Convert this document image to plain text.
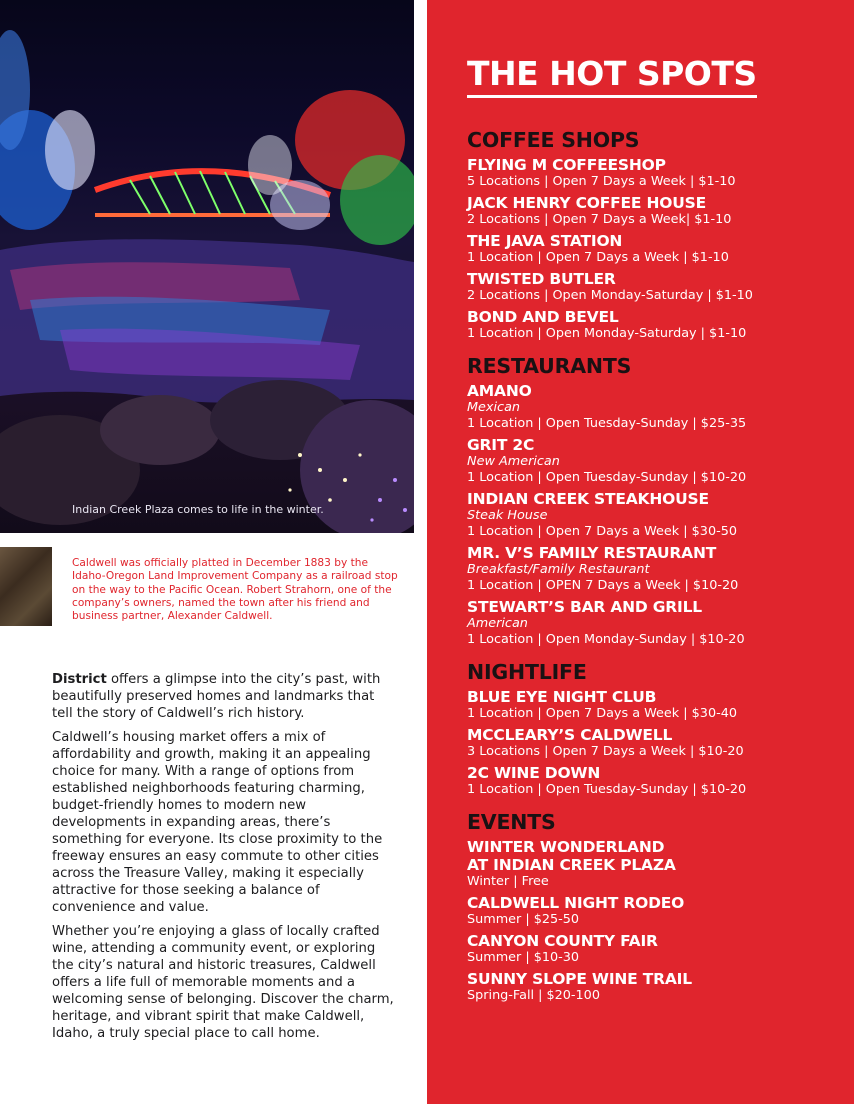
Indian Creek Plaza comes to life in the winter.
Caldwell was officially platted in December 1883 by the Idaho-Oregon Land Improvement Company as a railroad stop on the way to the Pacific Ocean. Robert Strahorn, one of the company’s owners, named the town after his friend and business partner, Alexander Caldwell.

District offers a glimpse into the city’s past, with beautifully preserved homes and landmarks that tell the story of Caldwell’s rich history.

Caldwell’s housing market offers a mix of affordability and growth, making it an appealing choice for many. With a range of options from established neighborhoods featuring charming, budget-friendly homes to modern new developments in expanding areas, there’s something for everyone. Its close proximity to the freeway ensures an easy commute to other cities across the Treasure Valley, making it especially attractive for those seeking a balance of convenience and value.

Whether you’re enjoying a glass of locally crafted wine, attending a community event, or exploring the city’s natural and historic treasures, Caldwell offers a life full of memorable moments and a welcoming sense of belonging. Discover the charm, heritage, and vibrant spirit that make Caldwell, Idaho, a truly special place to call home.

THE HOT SPOTS
COFFEE SHOPS
FLYING M COFFEESHOP
5 Locations | Open 7 Days a Week | $1-10
JACK HENRY COFFEE HOUSE
2 Locations | Open 7 Days a Week| $1-10
THE JAVA STATION
1 Location | Open 7 Days a Week | $1-10
TWISTED BUTLER
2 Locations | Open Monday-Saturday | $1-10
BOND AND BEVEL
1 Location | Open Monday-Saturday | $1-10
RESTAURANTS
AMANO
Mexican
1 Location | Open Tuesday-Sunday | $25-35
GRIT 2C
New American
1 Location | Open Tuesday-Sunday | $10-20
INDIAN CREEK STEAKHOUSE
Steak House
1 Location | Open 7 Days a Week | $30-50
MR. V’S FAMILY RESTAURANT
Breakfast/Family Restaurant
1 Location | OPEN 7 Days a Week | $10-20
STEWART’S BAR AND GRILL
American
1 Location | Open Monday-Sunday | $10-20
NIGHTLIFE
BLUE EYE NIGHT CLUB
1 Location | Open 7 Days a Week | $30-40
MCCLEARY’S CALDWELL
3 Locations | Open 7 Days a Week | $10-20
2C WINE DOWN
1 Location | Open Tuesday-Sunday | $10-20
EVENTS
WINTER WONDERLAND
AT INDIAN CREEK PLAZA
Winter | Free
CALDWELL NIGHT RODEO
Summer | $25-50
CANYON COUNTY FAIR
Summer | $10-30
SUNNY SLOPE WINE TRAIL
Spring-Fall | $20-100
